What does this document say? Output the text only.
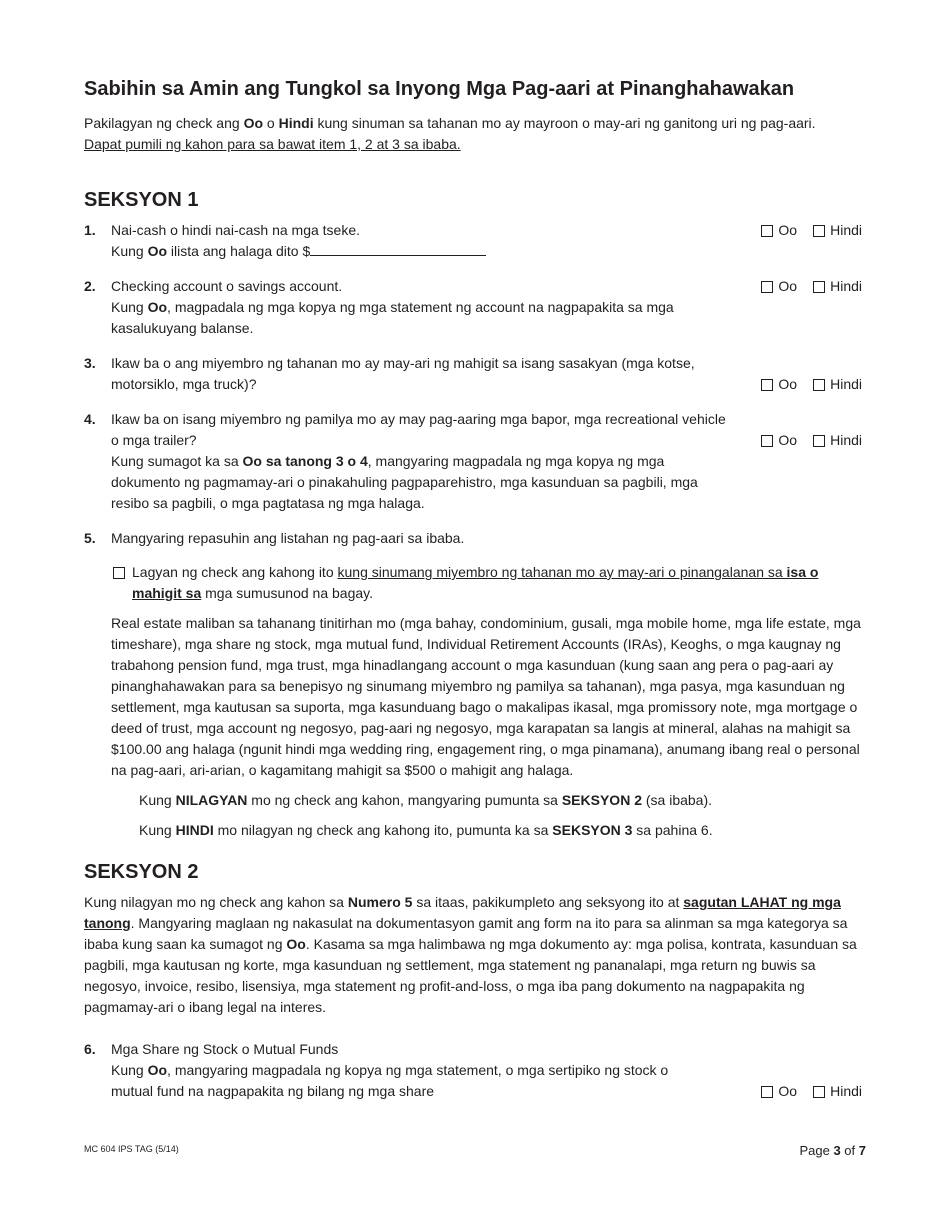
Sabihin sa Amin ang Tungkol sa Inyong Mga Pag-aari at Pinanghahawakan

Pakilagyan ng check ang Oo o Hindi kung sinuman sa tahanan mo ay mayroon o may-ari ng ganitong uri ng pag-aari.
Dapat pumili ng kahon para sa bawat item 1, 2 at 3 sa ibaba.

SEKSYON 1
1.	Oo Hindi
Nai-cash o hindi nai-cash na mga tseke.
Kung Oo ilista ang halaga dito $
2.	Oo Hindi
Checking account o savings account.
Kung Oo, magpadala ng mga kopya ng mga statement ng account na nagpapakita sa mga kasalukuyang balanse.
3.
Oo Hindi
Ikaw ba o ang miyembro ng tahanan mo ay may-ari ng mahigit sa isang sasakyan (mga kotse, motorsiklo, mga truck)?
4.
Oo Hindi
Ikaw ba on isang miyembro ng pamilya mo ay may pag-aaring mga bapor, mga recreational vehicle o mga trailer?
Kung sumagot ka sa Oo sa tanong 3 o 4, mangyaring magpadala ng mga kopya ng mga dokumento ng pagmamay-ari o pinakahuling pagpaparehistro, mga kasunduan sa pagbili, mga resibo sa pagbili, o mga pagtatasa ng mga halaga.
5.	Mangyaring repasuhin ang listahan ng pag-aari sa ibaba.
Lagyan ng check ang kahong ito kung sinumang miyembro ng tahanan mo ay may-ari o pinangalanan sa isa o mahigit sa mga sumusunod na bagay.
Real estate maliban sa tahanang tinitirhan mo (mga bahay, condominium, gusali, mga mobile home, mga life estate, mga timeshare), mga share ng stock, mga mutual fund, Individual Retirement Accounts (IRAs), Keoghs, o mga kaugnay ng trabahong pension fund, mga trust, mga hinadlangang account o mga kasunduan (kung saan ang pera o pag-aari ay pinanghahawakan para sa benepisyo ng sinumang miyembro ng pamilya sa tahanan), mga pasya, mga kasunduan ng settlement, mga kautusan sa suporta, mga kasunduang bago o makalipas ikasal, mga promissory note, mga mortgage o deed of trust, mga account ng negosyo, pag-aari ng negosyo, mga karapatan sa langis at mineral, alahas na mahigit sa $100.00 ang halaga (ngunit hindi mga wedding ring, engagement ring, o mga pinamana), anumang ibang real o personal na pag-aari, ari-arian, o kagamitang mahigit sa $500 o mahigit ang halaga.
Kung NILAGYAN mo ng check ang kahon, mangyaring pumunta sa SEKSYON 2 (sa ibaba).
Kung HINDI mo nilagyan ng check ang kahong ito, pumunta ka sa SEKSYON 3 sa pahina 6.
SEKSYON 2

Kung nilagyan mo ng check ang kahon sa Numero 5 sa itaas, pakikumpleto ang seksyong ito at sagutan LAHAT ng mga tanong. Mangyaring maglaan ng nakasulat na dokumentasyon gamit ang form na ito para sa alinman sa mga kategorya sa ibaba kung saan ka sumagot ng Oo. Kasama sa mga halimbawa ng mga dokumento ay: mga polisa, kontrata, kasunduan sa pagbili, mga kautusan ng korte, mga kasunduan ng settlement, mga statement ng pananalapi, mga return ng buwis sa negosyo, invoice, resibo, lisensiya, mga statement ng profit-and-loss, o mga iba pang dokumento na nagpapakita ng pagmamay-ari o ibang legal na interes.

6.
Oo Hindi
Mga Share ng Stock o Mutual Funds
Kung Oo, mangyaring magpadala ng kopya ng mga statement, o mga sertipiko ng stock o mutual fund na nagpapakita ng bilang ng mga share
MC 604 IPS TAG (5/14)	Page 3 of 7
